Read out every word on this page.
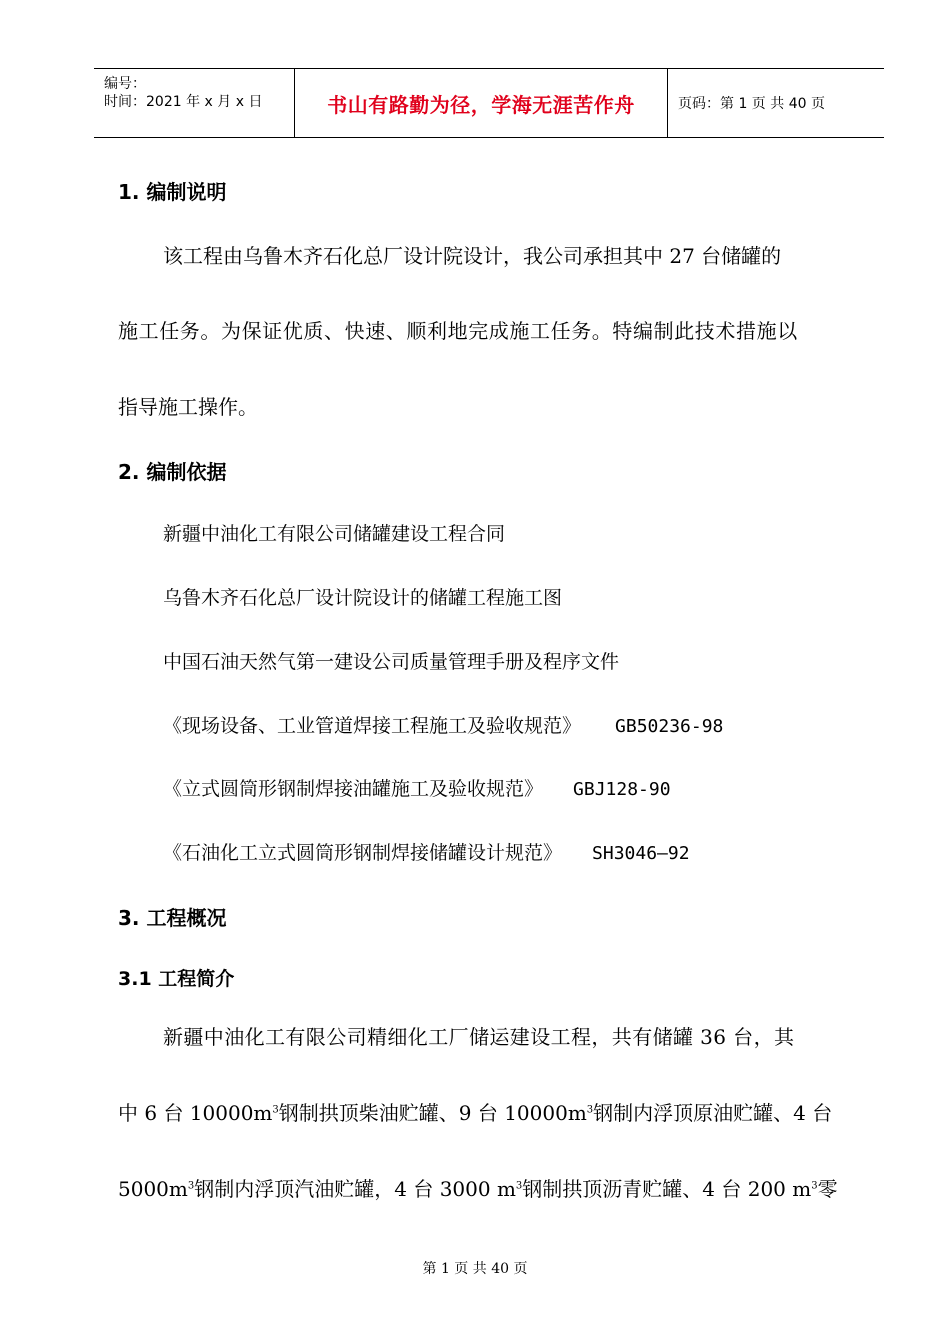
编号：
时间：2021 年 x 月 x 日	书山有路勤为径，学海无涯苦作舟	页码：第 1 页 共 40 页
1. 编制说明
该工程由乌鲁木齐石化总厂设计院设计，我公司承担其中 27 台储罐的
施工任务。为保证优质、快速、顺利地完成施工任务。特编制此技术措施以
指导施工操作。
2. 编制依据
新疆中油化工有限公司储罐建设工程合同
乌鲁木齐石化总厂设计院设计的储罐工程施工图
中国石油天然气第一建设公司质量管理手册及程序文件
《现场设备、工业管道焊接工程施工及验收规范》 GB50236-98
《立式圆筒形钢制焊接油罐施工及验收规范》 GBJ128-90
《石油化工立式圆筒形钢制焊接储罐设计规范》 SH3046—92
3. 工程概况
3.1 工程简介
新疆中油化工有限公司精细化工厂储运建设工程，共有储罐 36 台，其
中 6 台 $10000m^3$钢制拱顶柴油贮罐、9 台 $10000m^3$钢制内浮顶原油贮罐、4 台
$5000m^3$钢制内浮顶汽油贮罐，4 台 3000 $m^3$钢制拱顶沥青贮罐、4 台 200 $m^3$零
第 1 页 共 40 页
